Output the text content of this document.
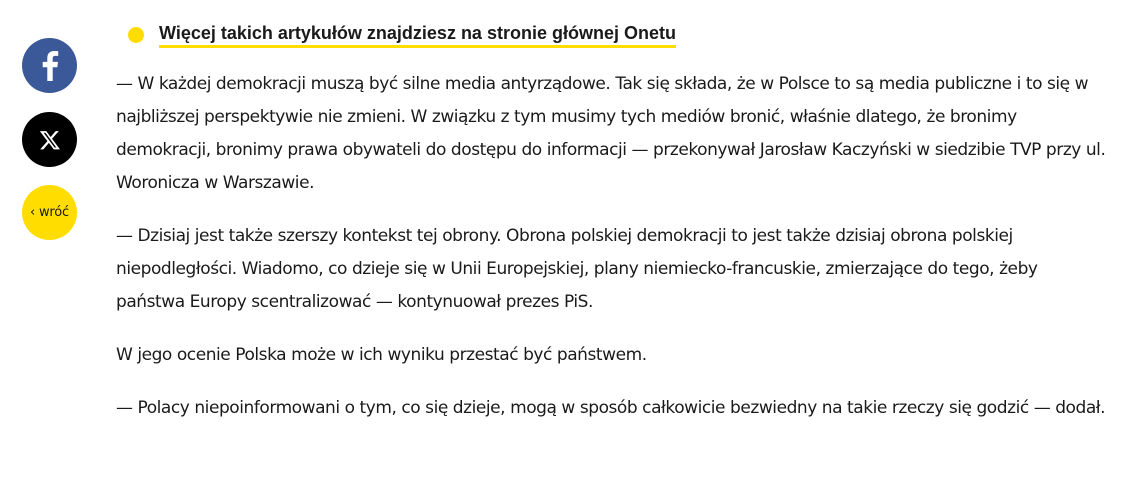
‹ wróć
Więcej takich artykułów znajdziesz na stronie głównej Onetu

— W każdej demokracji muszą być silne media antyrządowe. Tak się składa, że w Polsce to są media publiczne i to się w najbliższej perspektywie nie zmieni. W związku z tym musimy tych mediów bronić, właśnie dlatego, że bronimy demokracji, bronimy prawa obywateli do dostępu do informacji — przekonywał Jarosław Kaczyński w siedzibie TVP przy ul. Woronicza w Warszawie.

— Dzisiaj jest także szerszy kontekst tej obrony. Obrona polskiej demokracji to jest także dzisiaj obrona polskiej niepodległości. Wiadomo, co dzieje się w Unii Europejskiej, plany niemiecko-francuskie, zmierzające do tego, żeby państwa Europy scentralizować — kontynuował prezes PiS.

W jego ocenie Polska może w ich wyniku przestać być państwem.

— Polacy niepoinformowani o tym, co się dzieje, mogą w sposób całkowicie bezwiedny na takie rzeczy się godzić — dodał.
